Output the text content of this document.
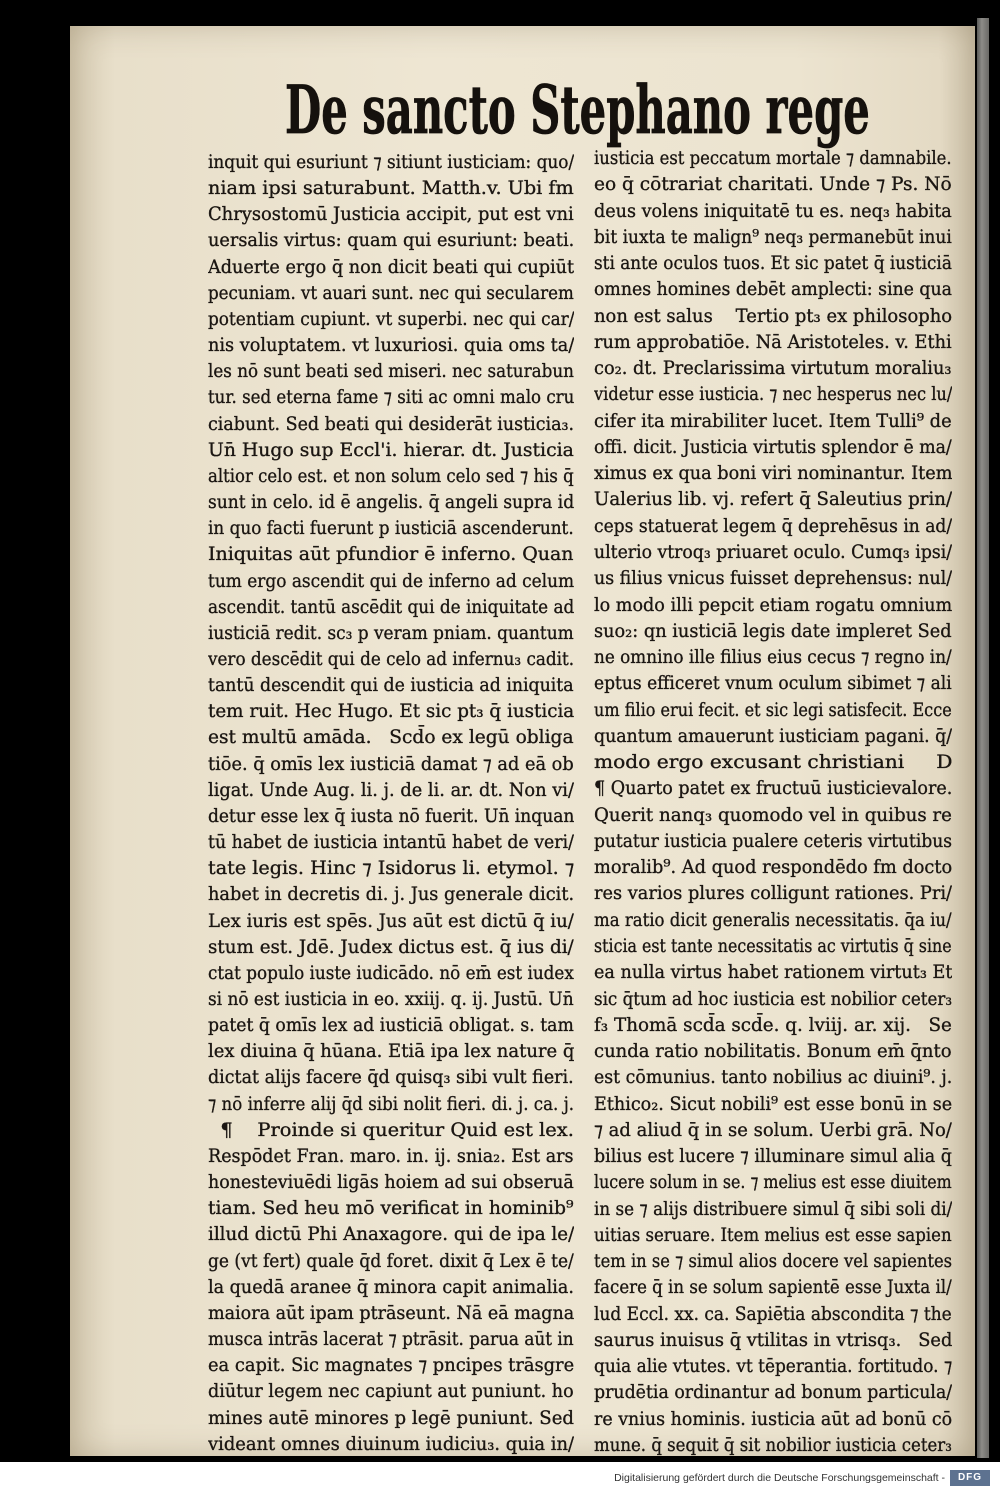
De sancto Stephano rege
inquit qui esuriunt ⁊ sitiunt iusticiam: quo/
niam ipsi saturabunt. Matth.v. Ubi fm
Chrysostomū Justicia accipit, put est vni
uersalis virtus: quam qui esuriunt: beati.
Aduerte ergo q̄ non dicit beati qui cupiūt
pecuniam. vt auari sunt. nec qui secularem
potentiam cupiunt. vt superbi. nec qui car/
nis voluptatem. vt luxuriosi. quia oms ta/
les nō sunt beati sed miseri. nec saturabun
tur. sed eterna fame ⁊ siti ac omni malo cru
ciabunt. Sed beati qui desiderāt iusticia₃.
Un̄ Hugo sup Eccl'i. hierar. dt. Justicia
altior celo est. et non solum celo sed ⁊ his q̄
sunt in celo. id ē angelis. q̄ angeli supra id
in quo facti fuerunt p iusticiā ascenderunt.
Iniquitas aūt pfundior ē inferno. Quan
tum ergo ascendit qui de inferno ad celum
ascendit. tantū ascēdit qui de iniquitate ad
iusticiā redit. sc₃ p veram pniam. quantum
vero descēdit qui de celo ad infernu₃ cadit.
tantū descendit qui de iusticia ad iniquita
tem ruit. Hec Hugo. Et sic pt₃ q̄ iusticia
est multū amāda.   Scd̄o ex legū obliga
tiōe. q̄ omīs lex iusticiā damat ⁊ ad eā ob
ligat. Unde Aug. li. j. de li. ar. dt. Non vi/
detur esse lex q̄ iusta nō fuerit. Un̄ inquan
tū habet de iusticia intantū habet de veri/
tate legis. Hinc ⁊ Isidorus li. etymol. ⁊
habet in decretis di. j. Jus generale dicit.
Lex iuris est spēs. Jus aūt est dictū q̄ iu/
stum est. Jdē. Judex dictus est. q̄ ius di/
ctat populo iuste iudicādo. nō em̄ est iudex
si nō est iusticia in eo. xxiij. q. ij. Justū. Un̄
patet q̄ omīs lex ad iusticiā obligat. s. tam
lex diuina q̄ hūana. Etiā ipa lex nature q̄
dictat alijs facere q̄d quisq₃ sibi vult fieri.
⁊ nō inferre alij q̄d sibi nolit fieri. di. j. ca. j.
¶    Proinde si queritur Quid est lex.
Respōdet Fran. maro. in. ij. snia₂. Est ars
honesteviuēdi ligās hoiem ad sui obseruā
tiam. Sed heu mō verificat in hominib⁹
illud dictū Phi Anaxagore. qui de ipa le/
ge (vt fert) quale q̄d foret. dixit q̄ Lex ē te/
la quedā aranee q̄ minora capit animalia.
maiora aūt ipam ptrāseunt. Nā eā magna
musca intrās lacerat ⁊ ptrāsit. parua aūt in
ea capit. Sic magnates ⁊ pncipes trāsgre
diūtur legem nec capiunt aut puniunt. ho
mines autē minores p legē puniunt. Sed
videant omnes diuinum iudiciu₃. quia in/
iusticia est peccatum mortale ⁊ damnabile.
eo q̄ cōtrariat charitati. Unde ⁊ Ps. Nō
deus volens iniquitatē tu es. neq₃ habita
bit iuxta te malign⁹ neq₃ permanebūt inui
sti ante oculos tuos. Et sic patet q̄ iusticiā
omnes homines debēt amplecti: sine qua
non est salus    Tertio pt₃ ex philosopho
rum approbatiōe. Nā Aristoteles. v. Ethi
co₂. dt. Preclarissima virtutum moraliu₃
videtur esse iusticia. ⁊ nec hesperus nec lu/
cifer ita mirabiliter lucet. Item Tulli⁹ de
offi. dicit. Justicia virtutis splendor ē ma/
ximus ex qua boni viri nominantur. Item
Ualerius lib. vj. refert q̄ Saleutius prin/
ceps statuerat legem q̄ deprehēsus in ad/
ulterio vtroq₃ priuaret oculo. Cumq₃ ipsi/
us filius vnicus fuisset deprehensus: nul/
lo modo illi pepcit etiam rogatu omnium
suo₂: qn iusticiā legis date impleret Sed
ne omnino ille filius eius cecus ⁊ regno in/
eptus efficeret vnum oculum sibimet ⁊ ali
um filio erui fecit. et sic legi satisfecit. Ecce
quantum amauerunt iusticiam pagani. q̄/
modo ergo excusant christiani     D
¶ Quarto patet ex fructuū iusticievalore.
Querit nanq₃ quomodo vel in quibus re
putatur iusticia pualere ceteris virtutibus
moralib⁹. Ad quod respondēdo fm docto
res varios plures colligunt rationes. Pri/
ma ratio dicit generalis necessitatis. q̄a iu/
sticia est tante necessitatis ac virtutis q̄ sine
ea nulla virtus habet rationem virtut₃ Et
sic q̄tum ad hoc iusticia est nobilior ceter₃
f₃ Thomā scd̄a scd̄e. q. lviij. ar. xij.   Se
cunda ratio nobilitatis. Bonum em̄ q̄nto
est cōmunius. tanto nobilius ac diuini⁹. j.
Ethico₂. Sicut nobili⁹ est esse bonū in se
⁊ ad aliud q̄ in se solum. Uerbi grā. No/
bilius est lucere ⁊ illuminare simul alia q̄
lucere solum in se. ⁊ melius est esse diuitem
in se ⁊ alijs distribuere simul q̄ sibi soli di/
uitias seruare. Item melius est esse sapien
tem in se ⁊ simul alios docere vel sapientes
facere q̄ in se solum sapientē esse Juxta il/
lud Eccl. xx. ca. Sapiētia abscondita ⁊ the
saurus inuisus q̄ vtilitas in vtrisq₃.   Sed
quia alie vtutes. vt tēperantia. fortitudo. ⁊
prudētia ordinantur ad bonum particula/
re vnius hominis. iusticia aūt ad bonū cō
mune. q̄ sequit q̄ sit nobilior iusticia ceter₃
Digitalisierung gefördert durch die Deutsche Forschungsgemeinschaft -	DFG
